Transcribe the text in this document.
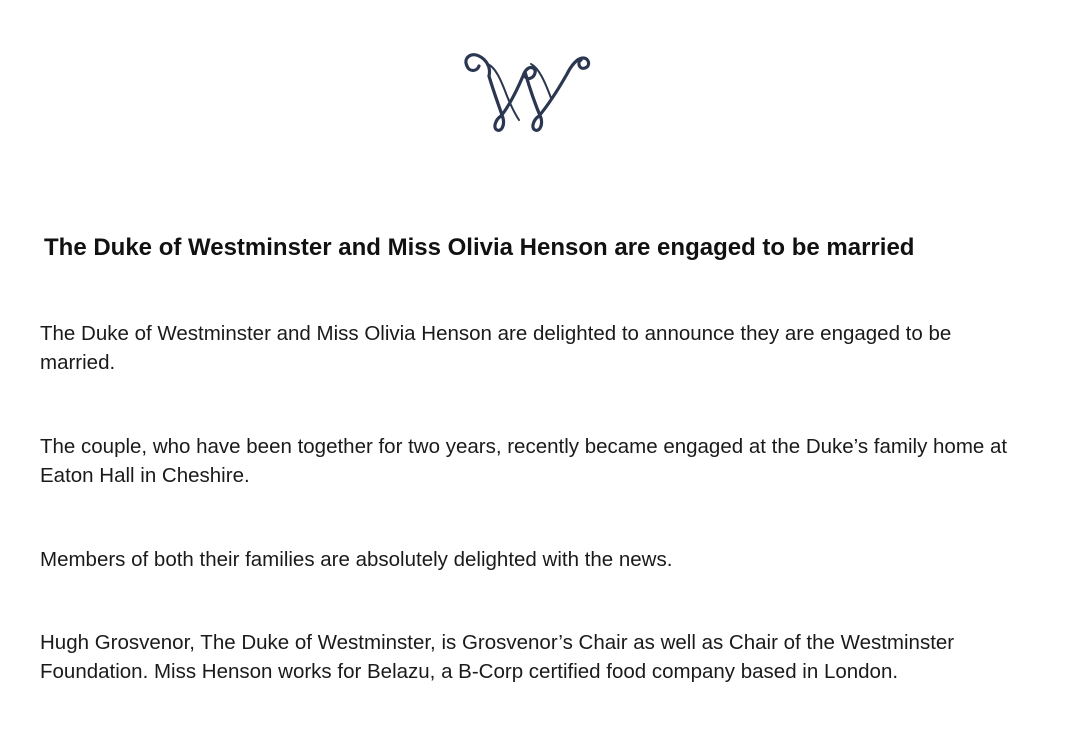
The Duke of Westminster and Miss Olivia Henson are engaged to be married

The Duke of Westminster and Miss Olivia Henson are delighted to announce they are engaged to be married.

The couple, who have been together for two years, recently became engaged at the Duke’s family home at Eaton Hall in Cheshire.

Members of both their families are absolutely delighted with the news.

Hugh Grosvenor, The Duke of Westminster, is Grosvenor’s Chair as well as Chair of the Westminster Foundation. Miss Henson works for Belazu, a B-Corp certified food company based in London.
